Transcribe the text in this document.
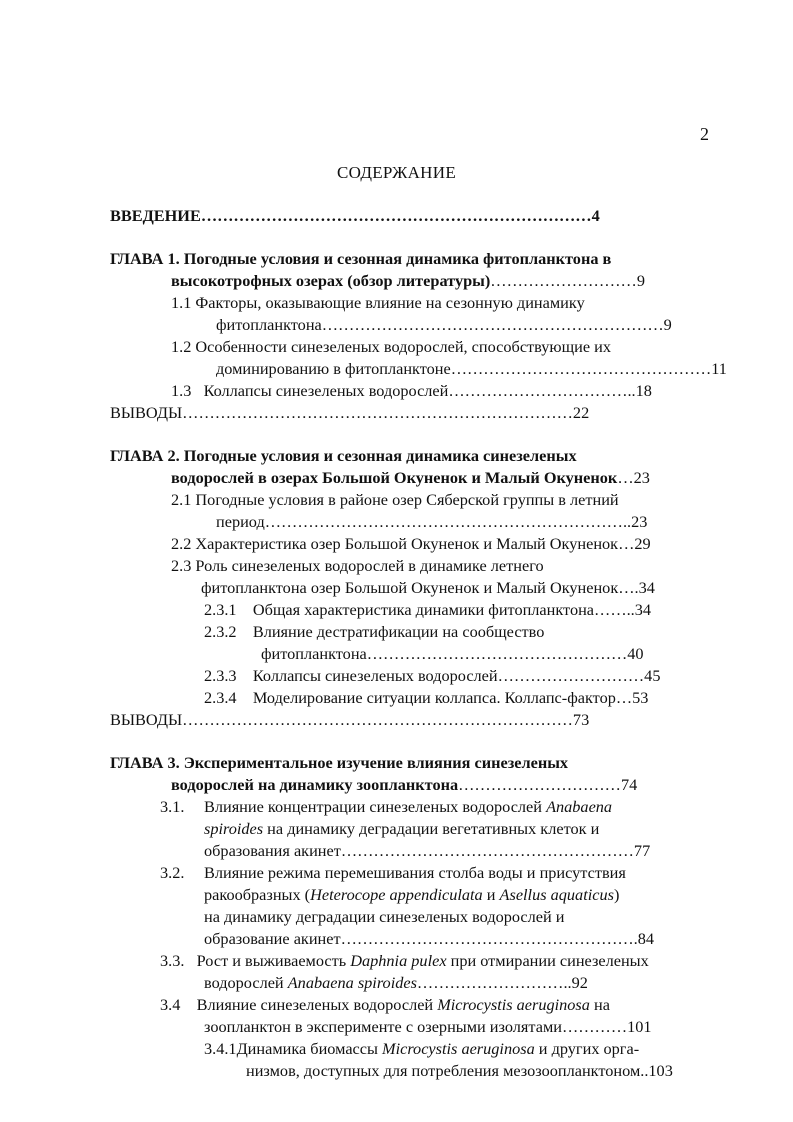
2
СОДЕРЖАНИЕ
ВВЕДЕНИЕ………………………………………………………………4
ГЛАВА 1. Погодные условия и сезонная динамика фитопланктона в
высокотрофных озерах (обзор литературы)………………………9
1.1 Факторы, оказывающие влияние на сезонную динамику
фитопланктона………………………………………………………9
1.2 Особенности синезеленых водорослей, способствующие их
доминированию в фитопланктоне…………………………………………11
1.3 Коллапсы синезеленых водорослей……………………………..18
ВЫВОДЫ………………………………………………………………22
ГЛАВА 2. Погодные условия и сезонная динамика синезеленых
водорослей в озерах Большой Окуненок и Малый Окуненок…23
2.1 Погодные условия в районе озер Сяберской группы в летний
период…………………………………………………………..23
2.2 Характеристика озер Большой Окуненок и Малый Окуненок…29
2.3 Роль синезеленых водорослей в динамике летнего
фитопланктона озер Большой Окуненок и Малый Окуненок….34
2.3.1 Общая характеристика динамики фитопланктона……..34
2.3.2 Влияние дестратификации на сообщество
фитопланктона…………………………………………40
2.3.3 Коллапсы синезеленых водорослей………………………45
2.3.4 Моделирование ситуации коллапса. Коллапс-фактор…53
ВЫВОДЫ………………………………………………………………73
ГЛАВА 3. Экспериментальное изучение влияния синезеленых
водорослей на динамику зоопланктона…………………………74
3.1. Влияние концентрации синезеленых водорослей Anabaena
spiroides на динамику деградации вегетативных клеток и
образования акинет………………………………………………77
3.2. Влияние режима перемешивания столба воды и присутствия
ракообразных (Heterocope appendiculata и Asellus aquaticus)
на динамику деградации синезеленых водорослей и
образование акинет……………………………………………….84
3.3. Рост и выживаемость Daphnia pulex при отмирании синезеленых
водорослей Anabaena spiroides………………………..92
3.4 Влияние синезеленых водорослей Microcystis aeruginosa на
зоопланктон в эксперименте с озерными изолятами…………101
3.4.1Динамика биомассы Microcystis aeruginosa и других орга-
низмов, доступных для потребления мезозоопланктоном..103
